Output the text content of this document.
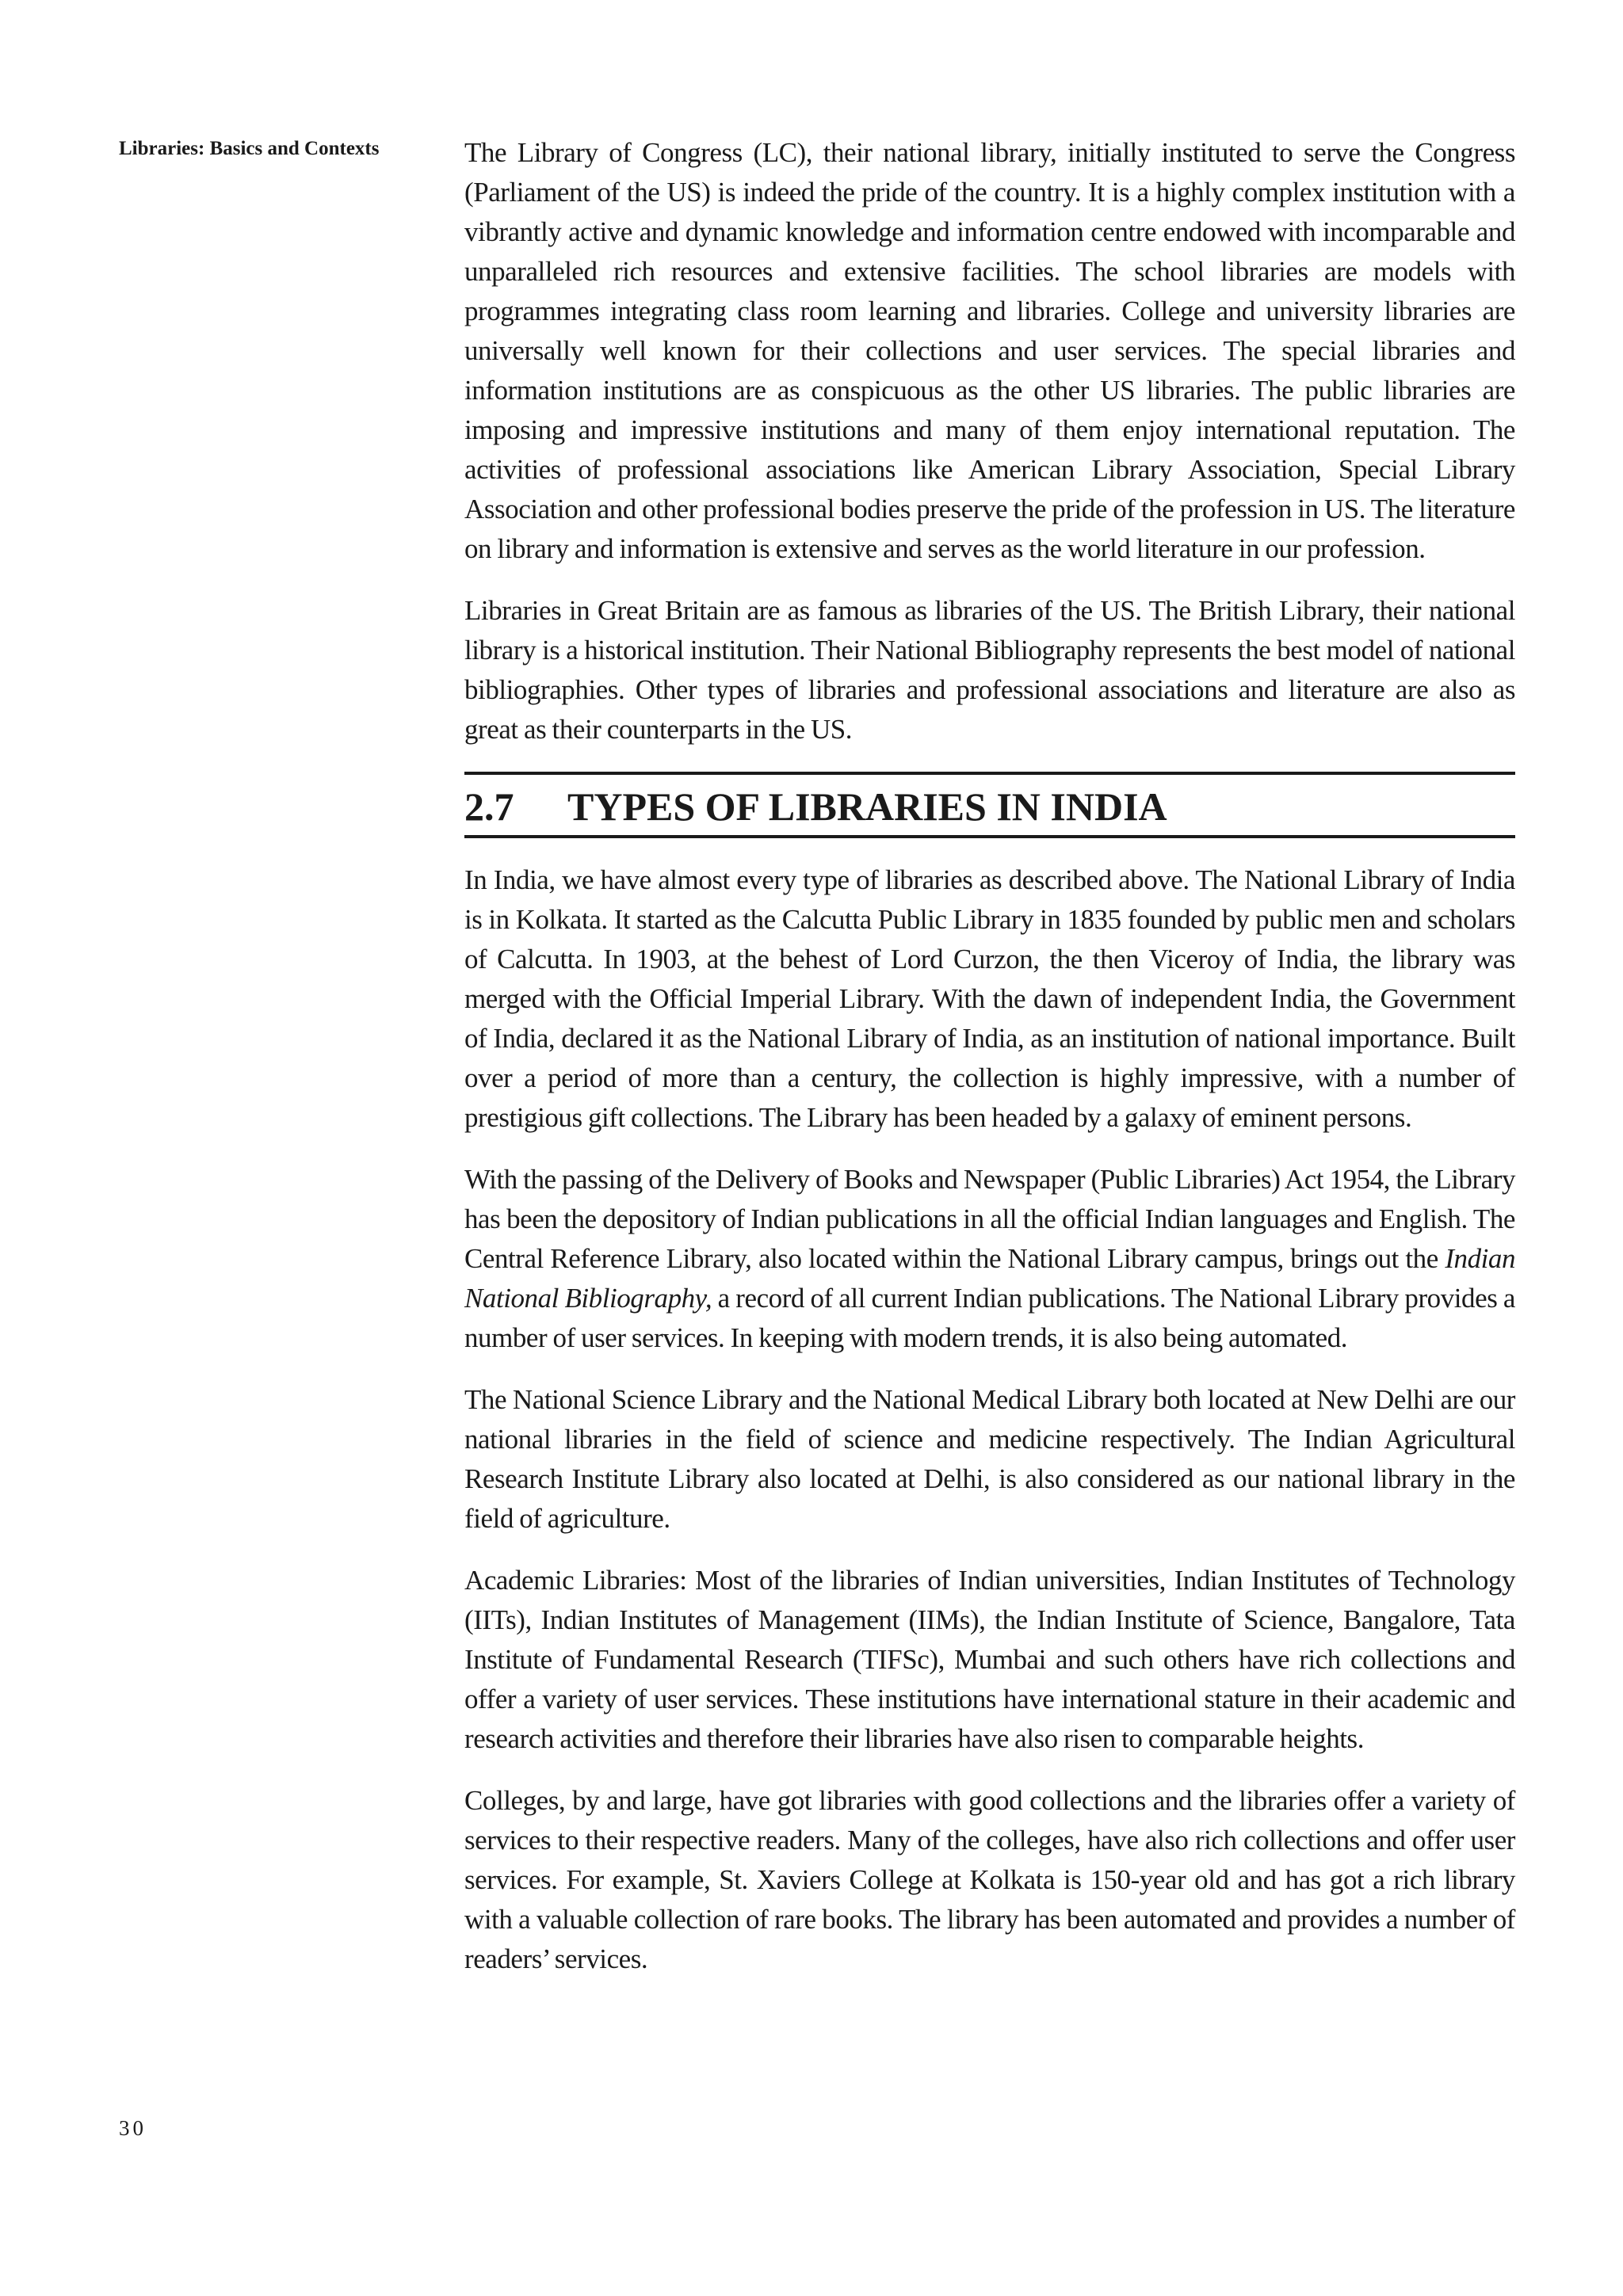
Libraries: Basics and Contexts	The Library of Congress (LC), their national library, initially instituted to serve the Congress (Parliament of the US) is indeed the pride of the country. It is a highly complex institution with a vibrantly active and dynamic knowledge and information centre endowed with incomparable and unparalleled rich resources and extensive facilities. The school libraries are models with programmes integrating class room learning and libraries. College and university libraries are universally well known for their collections and user services. The special libraries and information institutions are as conspicuous as the other US libraries. The public libraries are imposing and impressive institutions and many of them enjoy international reputation. The activities of professional associations like American Library Association, Special Library Association and other professional bodies preserve the pride of the profession in US. The literature on library and information is extensive and serves as the world literature in our profession.

Libraries in Great Britain are as famous as libraries of the US. The British Library, their national library is a historical institution. Their National Bibliography represents the best model of national bibliographies. Other types of libraries and professional associations and literature are also as great as their counterparts in the US.

2.7 TYPES OF LIBRARIES IN INDIA

In India, we have almost every type of libraries as described above. The National Library of India is in Kolkata. It started as the Calcutta Public Library in 1835 founded by public men and scholars of Calcutta. In 1903, at the behest of Lord Curzon, the then Viceroy of India, the library was merged with the Official Imperial Library. With the dawn of independent India, the Government of India, declared it as the National Library of India, as an institution of national importance. Built over a period of more than a century, the collection is highly impressive, with a number of prestigious gift collections. The Library has been headed by a galaxy of eminent persons.

With the passing of the Delivery of Books and Newspaper (Public Libraries) Act 1954, the Library has been the depository of Indian publications in all the official Indian languages and English. The Central Reference Library, also located within the National Library campus, brings out the Indian National Bibliography, a record of all current Indian publications. The National Library provides a number of user services. In keeping with modern trends, it is also being automated.

The National Science Library and the National Medical Library both located at New Delhi are our national libraries in the field of science and medicine respectively. The Indian Agricultural Research Institute Library also located at Delhi, is also considered as our national library in the field of agriculture.

Academic Libraries: Most of the libraries of Indian universities, Indian Institutes of Technology (IITs), Indian Institutes of Management (IIMs), the Indian Institute of Science, Bangalore, Tata Institute of Fundamental Research (TIFSc), Mumbai and such others have rich collections and offer a variety of user services. These institutions have international stature in their academic and research activities and therefore their libraries have also risen to comparable heights.

Colleges, by and large, have got libraries with good collections and the libraries offer a variety of services to their respective readers. Many of the colleges, have also rich collections and offer user services. For example, St. Xaviers College at Kolkata is 150-year old and has got a rich library with a valuable collection of rare books. The library has been automated and provides a number of readers’ services.

30
